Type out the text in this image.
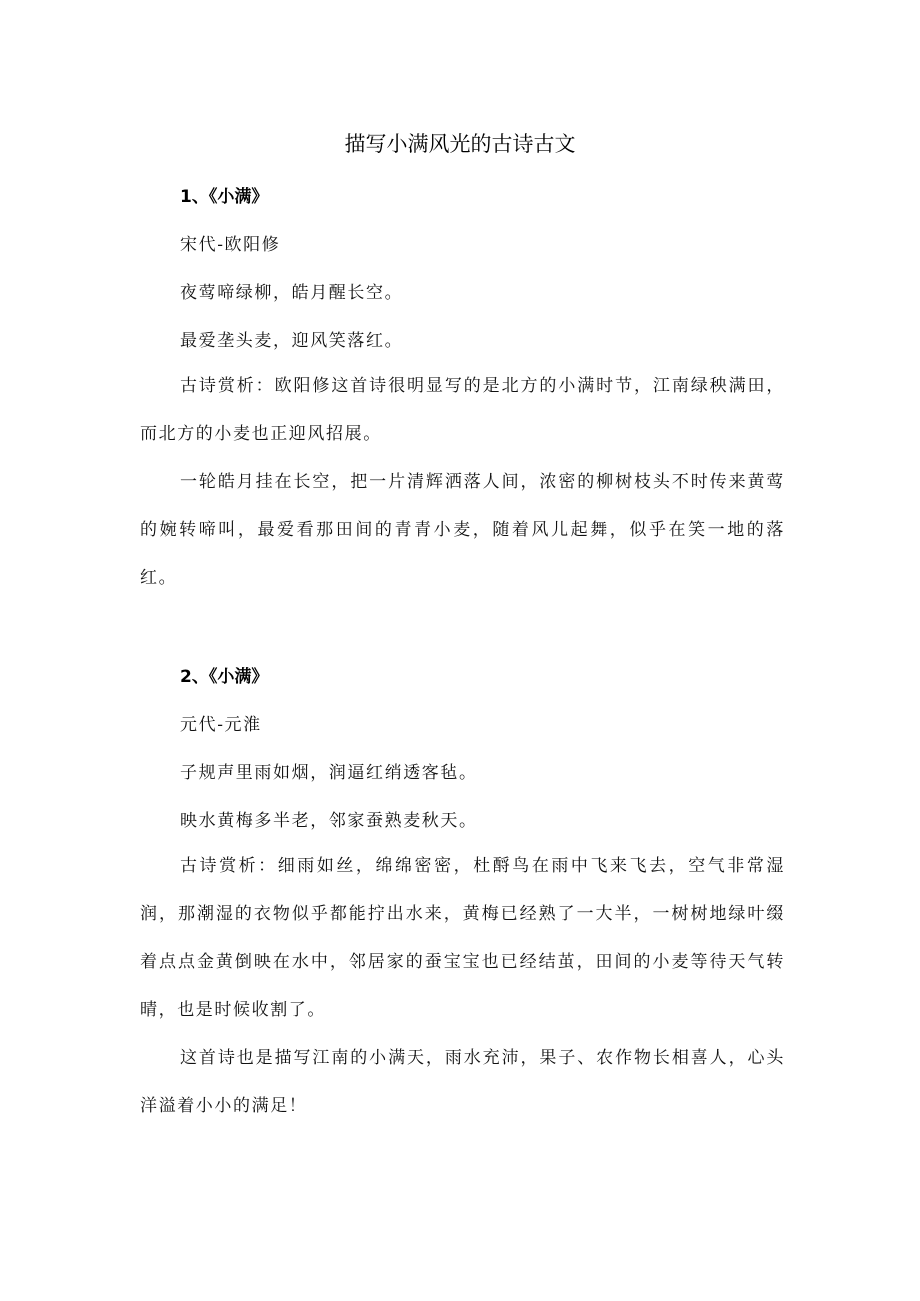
描写小满风光的古诗古文
1、《小满》
宋代-欧阳修
夜莺啼绿柳，皓月醒长空。
最爱垄头麦，迎风笑落红。
古诗赏析：欧阳修这首诗很明显写的是北方的小满时节，江南绿秧满田，而北方的小麦也正迎风招展。
一轮皓月挂在长空，把一片清辉洒落人间，浓密的柳树枝头不时传来黄莺的婉转啼叫，最爱看那田间的青青小麦，随着风儿起舞，似乎在笑一地的落红。
2、《小满》
元代-元淮
子规声里雨如烟，润逼红绡透客毡。
映水黄梅多半老，邻家蚕熟麦秋天。
古诗赏析：细雨如丝，绵绵密密，杜酹鸟在雨中飞来飞去，空气非常湿润，那潮湿的衣物似乎都能拧出水来，黄梅已经熟了一大半，一树树地绿叶缀着点点金黄倒映在水中，邻居家的蚕宝宝也已经结茧，田间的小麦等待天气转晴，也是时候收割了。
这首诗也是描写江南的小满天，雨水充沛，果子、农作物长相喜人，心头洋溢着小小的满足！
